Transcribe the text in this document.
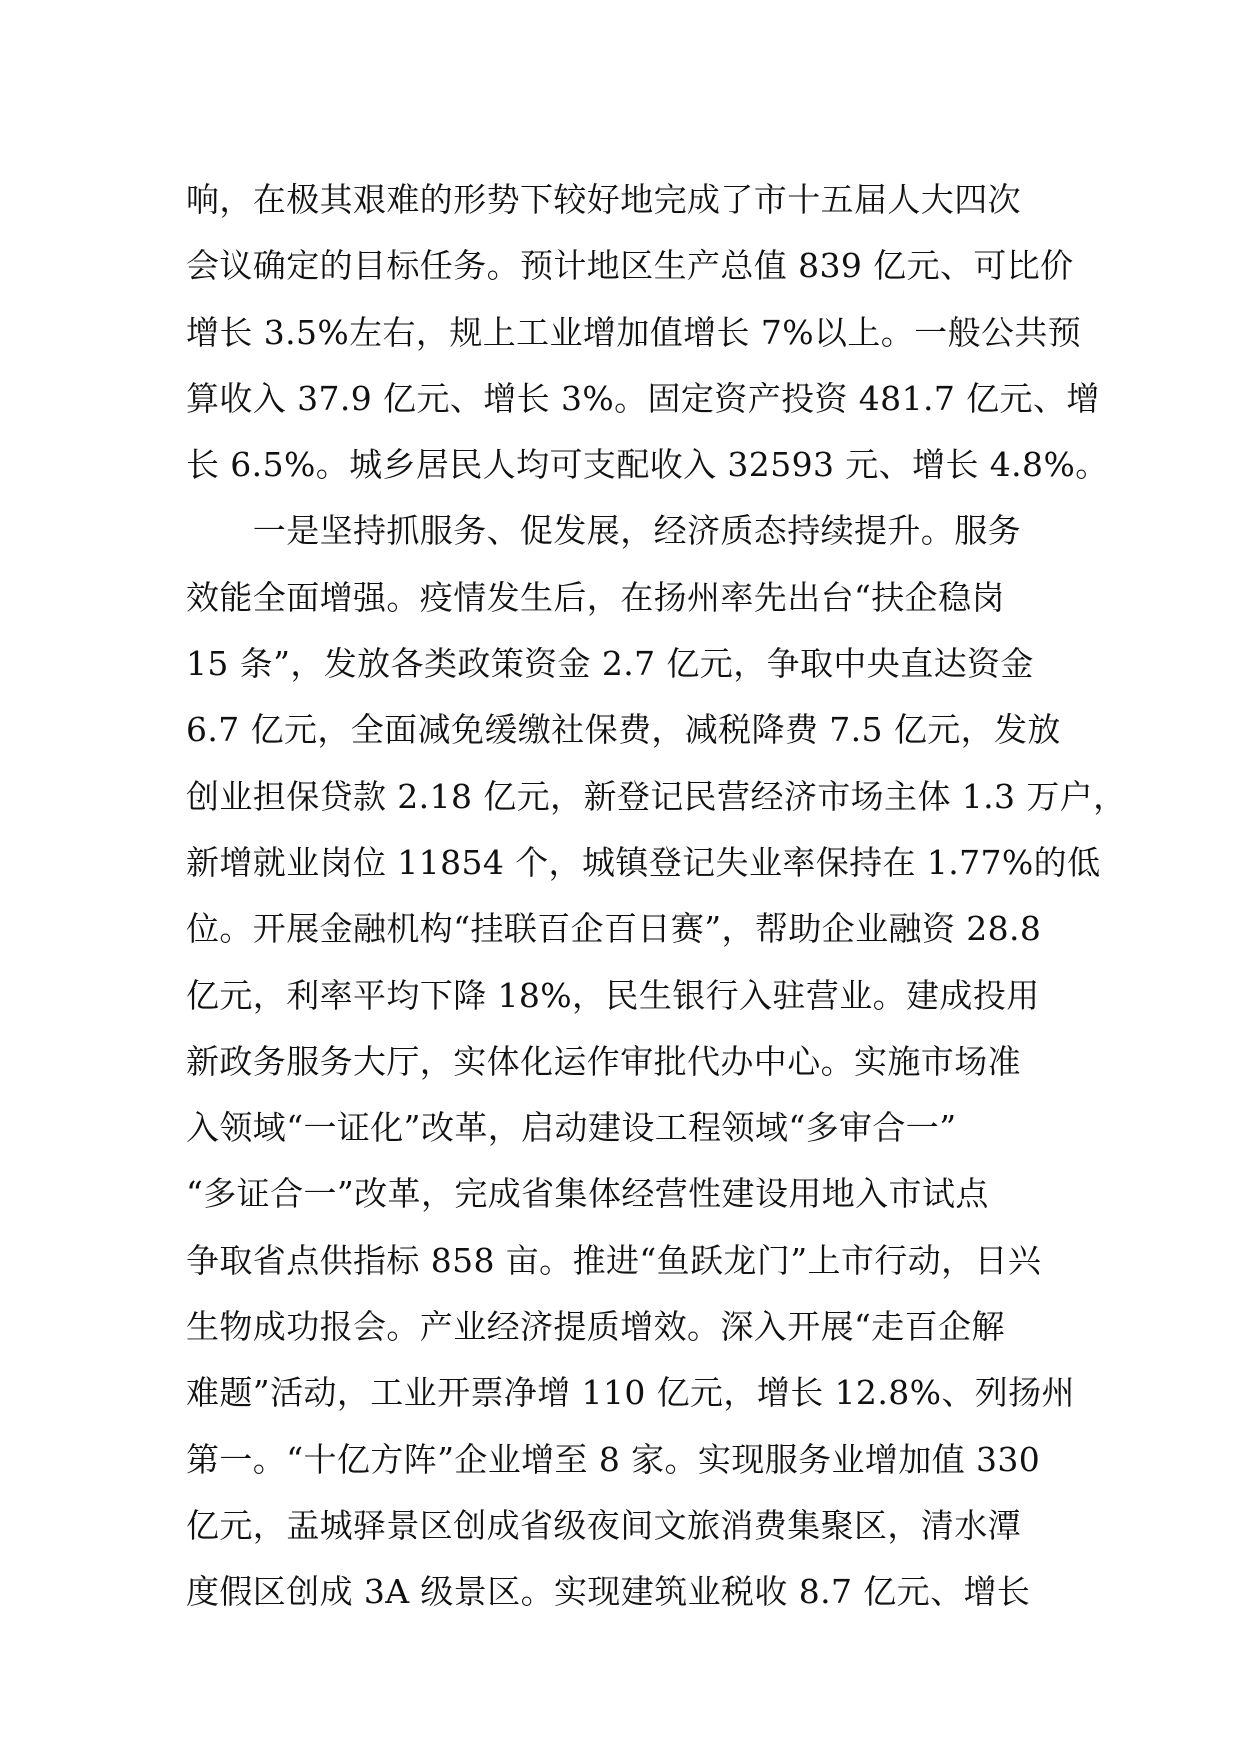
响，在极其艰难的形势下较好地完成了市十五届人大四次
会议确定的目标任务。预计地区生产总值 839 亿元、可比价
增长 3.5%左右，规上工业增加值增长 7%以上。一般公共预
算收入 37.9 亿元、增长 3%。固定资产投资 481.7 亿元、增
长 6.5%。城乡居民人均可支配收入 32593 元、增长 4.8%。
　　一是坚持抓服务、促发展，经济质态持续提升。服务
效能全面增强。疫情发生后，在扬州率先出台“扶企稳岗
15 条”，发放各类政策资金 2.7 亿元，争取中央直达资金
6.7 亿元，全面减免缓缴社保费，减税降费 7.5 亿元，发放
创业担保贷款 2.18 亿元，新登记民营经济市场主体 1.3 万户，
新增就业岗位 11854 个，城镇登记失业率保持在 1.77%的低
位。开展金融机构“挂联百企百日赛”，帮助企业融资 28.8
亿元，利率平均下降 18%，民生银行入驻营业。建成投用
新政务服务大厅，实体化运作审批代办中心。实施市场准
入领域“一证化”改革，启动建设工程领域“多审合一”
“多证合一”改革，完成省集体经营性建设用地入市试点
争取省点供指标 858 亩。推进“鱼跃龙门”上市行动，日兴
生物成功报会。产业经济提质增效。深入开展“走百企解
难题”活动，工业开票净增 110 亿元，增长 12.8%、列扬州
第一。“十亿方阵”企业增至 8 家。实现服务业增加值 330
亿元，盂城驿景区创成省级夜间文旅消费集聚区，清水潭
度假区创成 3A 级景区。实现建筑业税收 8.7 亿元、增长
